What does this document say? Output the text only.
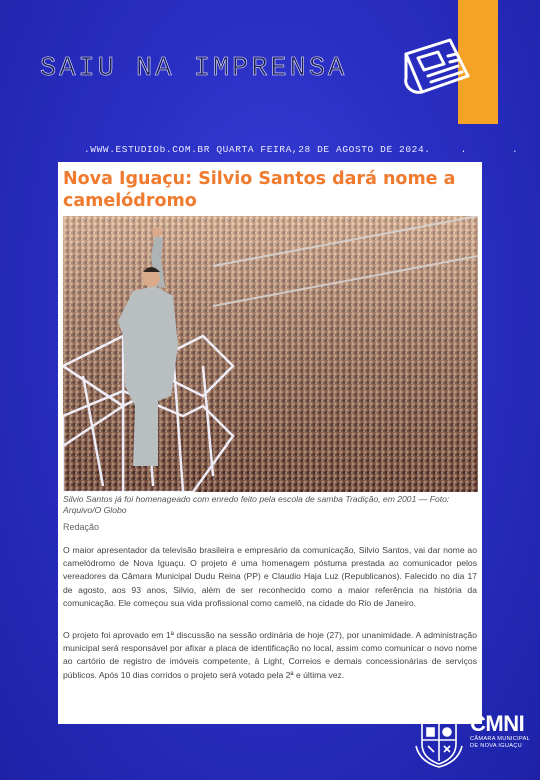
SAIU NA IMPRENSA
.WWW.ESTUDIOb.COM.BR QUARTA FEIRA,28 DE AGOSTO DE 2024.	. .
Nova Iguaçu: Silvio Santos dará nome a camelódromo
Silvio Santos já foi homenageado com enredo feito pela escola de samba Tradição, em 2001 — Foto: Arquivo/O Globo
Redação
O maior apresentador da televisão brasileira e empresário da comunicação, Silvio Santos, vai dar nome ao camelódromo de Nova Iguaçu. O projeto é uma homenagem póstuma prestada ao comunicador pelos vereadores da Câmara Municipal Dudu Reina (PP) e Claudio Haja Luz (Republicanos). Falecido no dia 17 de agosto, aos 93 anos, Silvio, além de ser reconhecido como a maior referência na história da comunicação. Ele começou sua vida profissional como camelô, na cidade do Rio de Janeiro.
O projeto foi aprovado em 1ª discussão na sessão ordinária de hoje (27), por unanimidade. A administração municipal será responsável por afixar a placa de identificação no local, assim como comunicar o novo nome ao cartório de registro de imóveis competente, à Light, Correios e demais concessionárias de serviços públicos. Após 10 dias corridos o projeto será votado pela 2ª e última vez.
CMNI
CÂMARA MUNICIPAL
DE NOVA IGUAÇU
